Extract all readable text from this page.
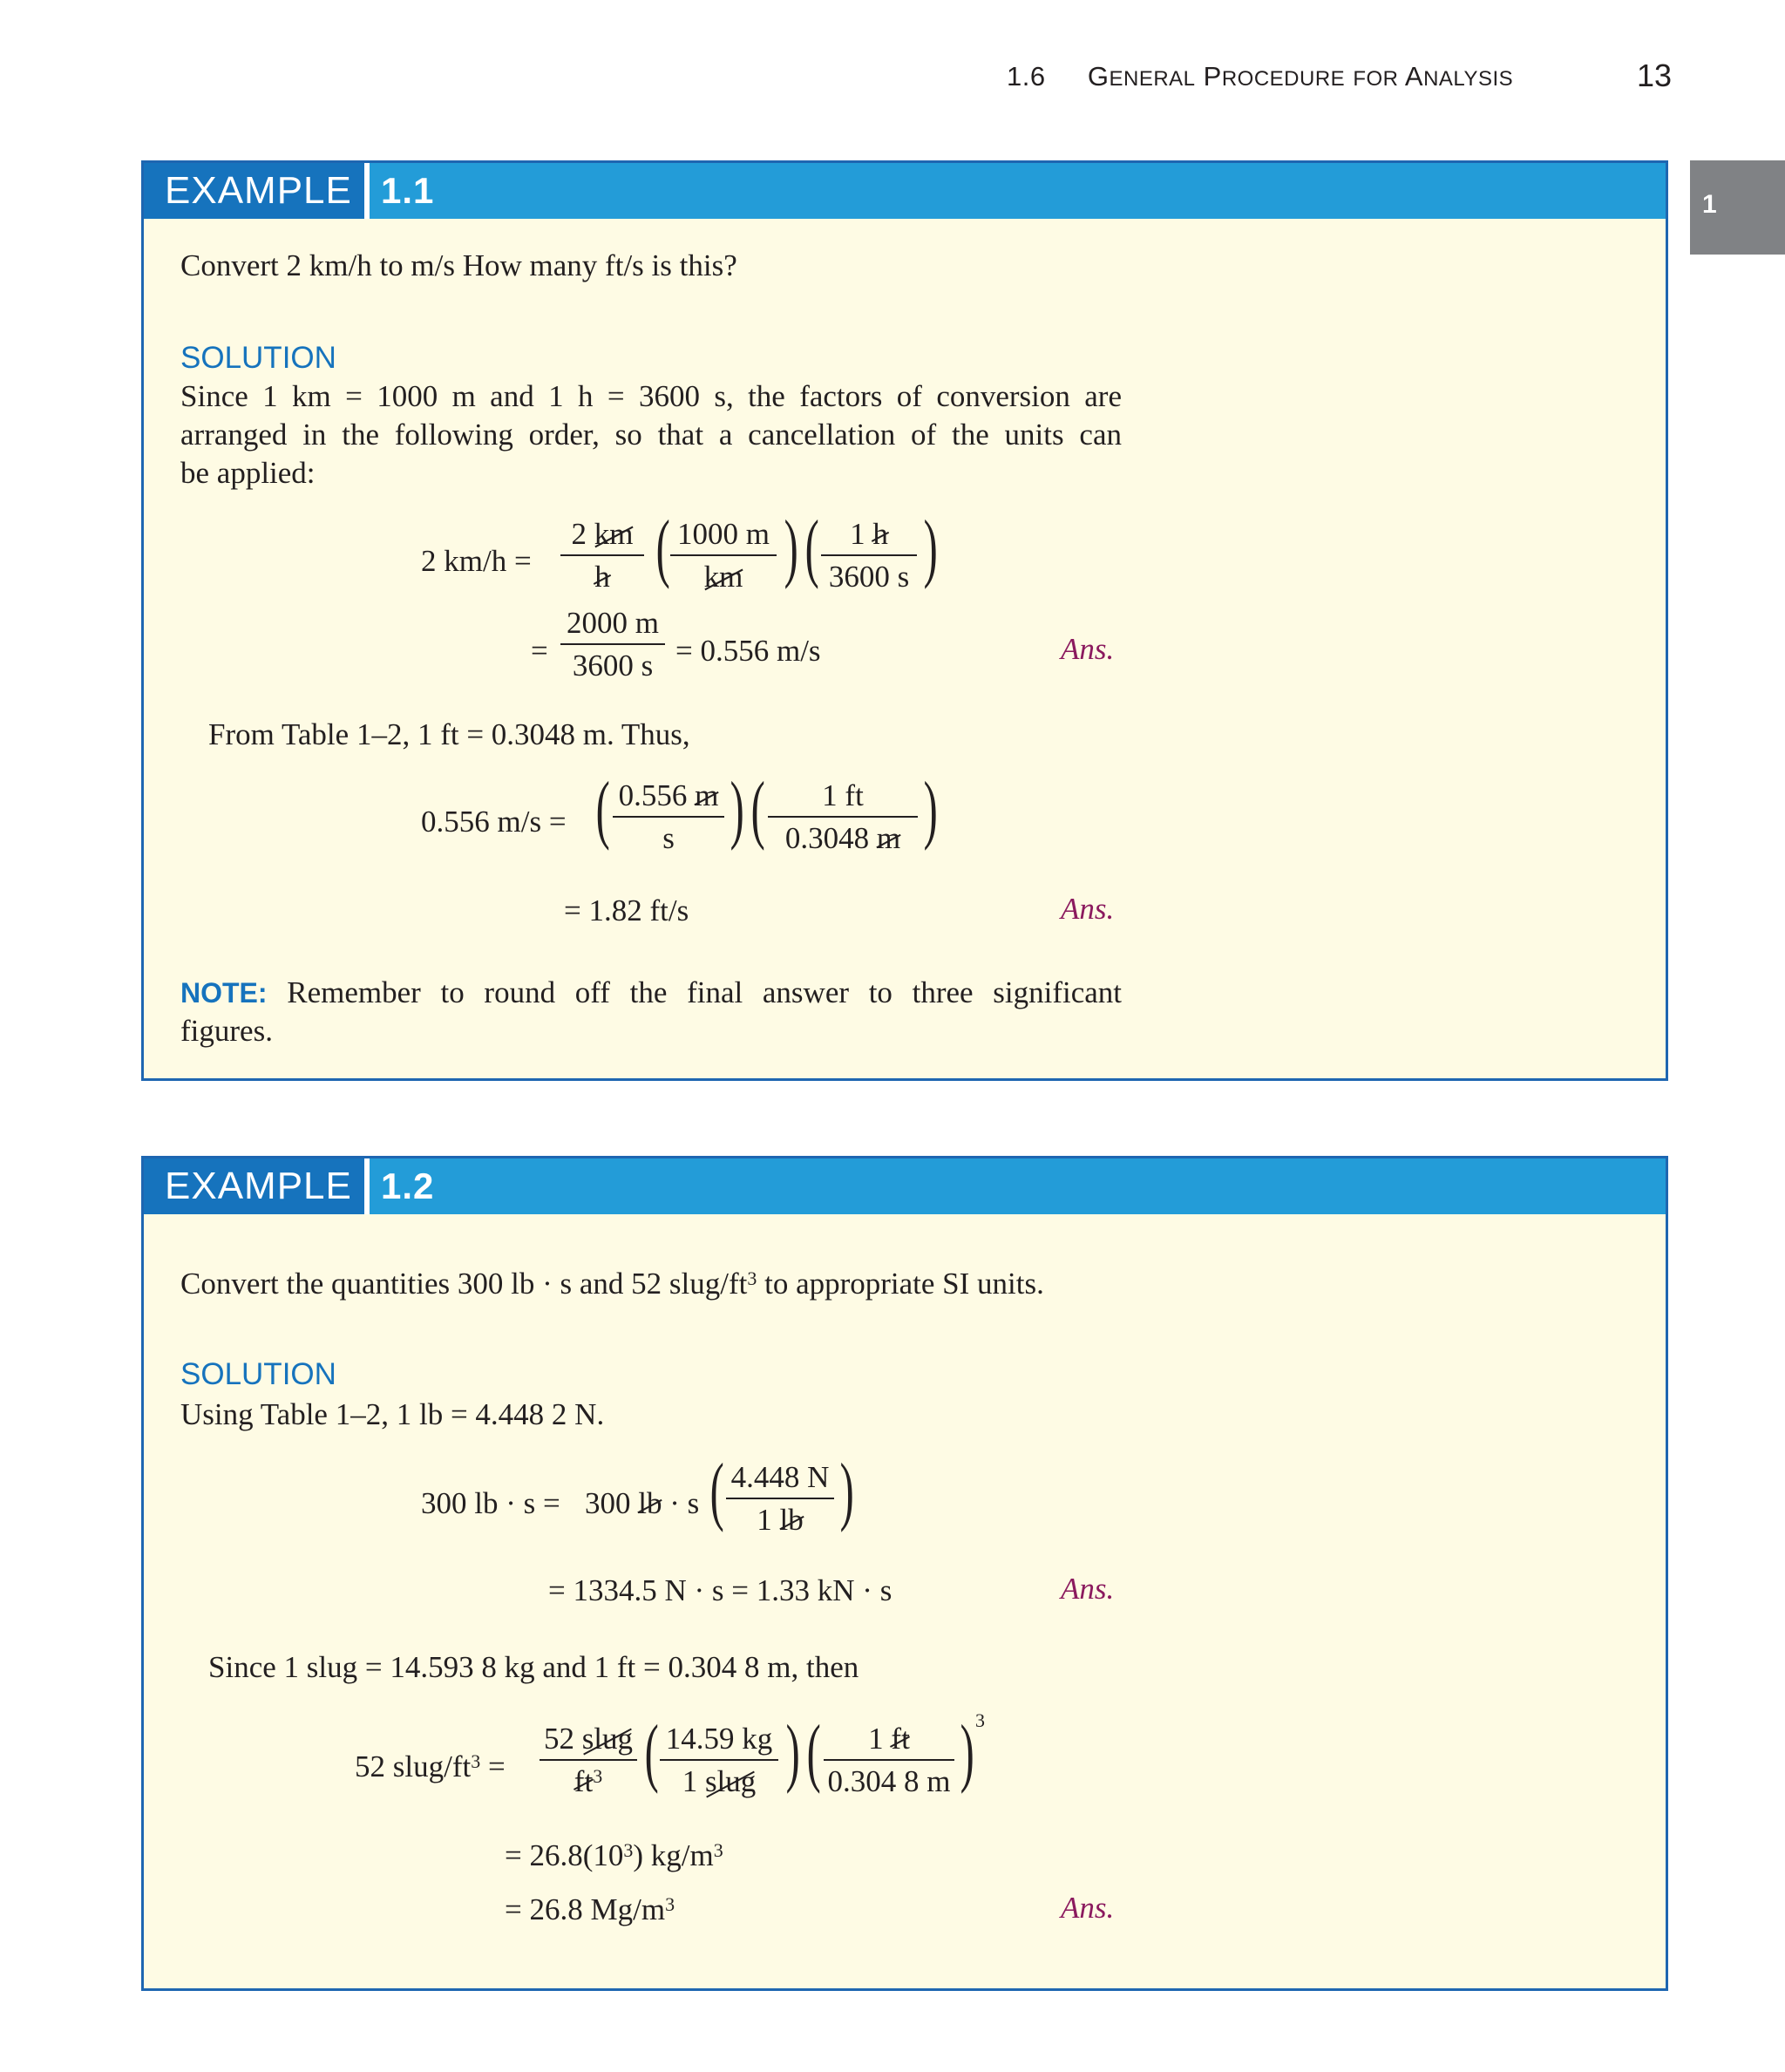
1.6 GENERAL PROCEDURE FOR ANALYSIS	13
1
EXAMPLE 1.1
Convert 2 km/h to m/s How many ft/s is this?
SOLUTION
Since 1 km = 1000 m and 1 h = 3600 s, the factors of conversion are
arranged in the following order, so that a cancellation of the units can
be applied:
2 km/h =
2 km
h ( 1000 m
km ) (	1 h
3600 s )
=
2000 m
3600 s = 0.556 m/s	Ans.
From Table 1–2, 1 ft = 0.3048 m. Thus,
0.556 m/s = ( 0.556 m
s ) (	1 ft
0.3048 m )
= 1.82 ft/s	Ans.
NOTE: Remember to round off the final answer to three significant
figures.
EXAMPLE 1.2
Convert the quantities 300 lb · s and 52 slug/$ft^3$ to appropriate SI units.
SOLUTION
Using Table 1–2, 1 lb = 4.448 2 N.
300 lb · s = 300 lb · s ( 4.448 N
1 lb )
= 1334.5 N · s = 1.33 kN · s	Ans.
Since 1 slug = 14.593 8 kg and 1 ft = 0.304 8 m, then
52 slug/$ft^3$ =
52 slug
$ft^3$ ( 14.59 kg
1 slug ) (	1 ft
0.304 8 m ) 3
= $26.8(10^3)$ $kg/m^3$
= 26.8 $Mg/m^3$	Ans.
